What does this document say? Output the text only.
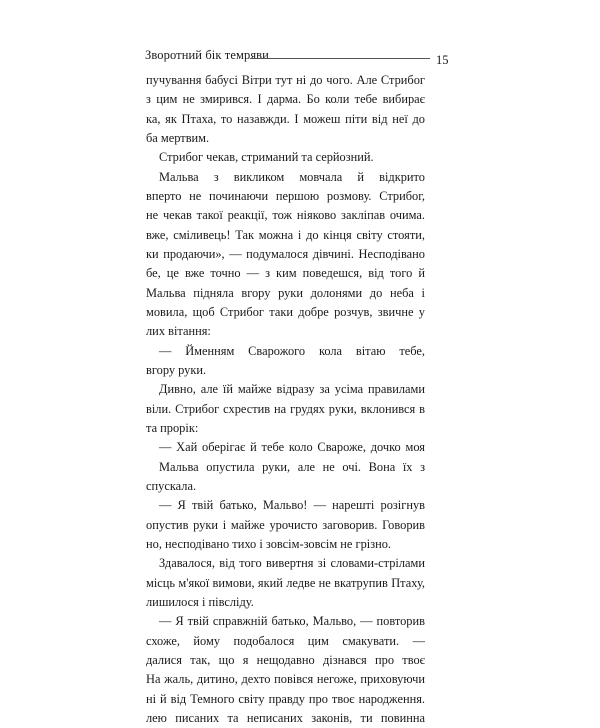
Зворотний бік темряви	15
пучування бабусі Вітри тут ні до чого. Але Стрибог
з цим не змирився. І дарма. Бо коли тебе вибирає
ка, як Птаха, то назавжди. І можеш піти від неї до
ба мертвим.
Стрибог чекав, стриманий та серйозний.
Мальва з викликом мовчала й відкрито
вперто не починаючи першою розмову. Стрибог,
не чекав такої реакції, тож ніяково закліпав очима.
вже, сміливець! Так можна і до кінця світу стояти,
ки продаючи», — подумалося дівчині. Несподівано
бе, це вже точно — з ким поведешся, від того й
Мальва підняла вгору руки долонями до неба і
мовила, щоб Стрибог таки добре розчув, звичне у
лих вітання:
— Йменням Сварожого кола вітаю тебе,
вгору руки.
Дивно, але їй майже відразу за усіма правилами
віли. Стрибог схрестив на грудях руки, вклонився в
та прорік:
— Хай оберігає й тебе коло Свароже, дочко моя
Мальва опустила руки, але не очі. Вона їх з
спускала.
— Я твій батько, Мальво! — нарешті розігнув
опустив руки і майже урочисто заговорив. Говорив
но, несподівано тихо і зовсім-зовсім не грізно.
Здавалося, від того вивертня зі словами-стрілами
місць м'якої вимови, який ледве не вкатрупив Птаху,
лишилося і півсліду.
— Я твій справжній батько, Мальво, — повторив
схоже, йому подобалося цим смакувати. —
далися так, що я нещодавно дізнався про твоє
На жаль, дитино, дехто повівся негоже, приховуючи
ні й від Темного світу правду про твоє народження.
лею писаних та неписаних законів, ти повинна
